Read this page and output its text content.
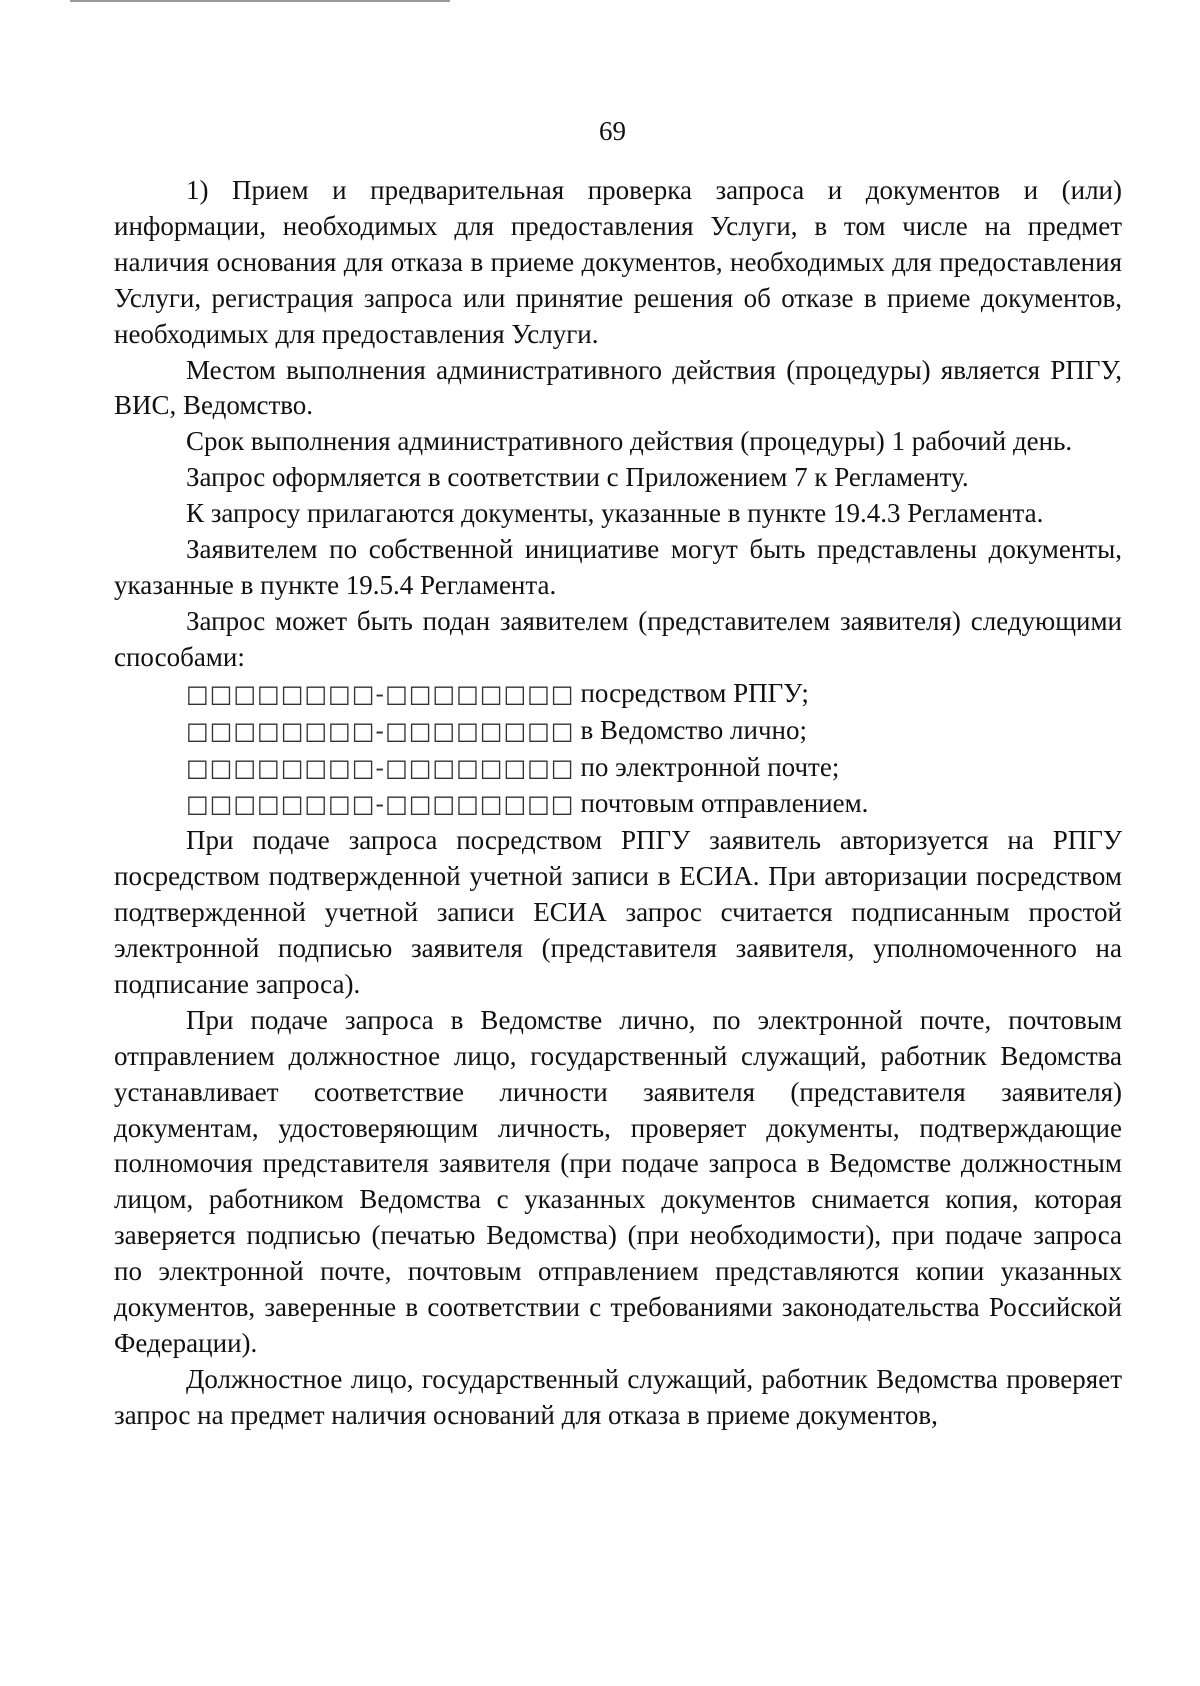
69

1) Прием и предварительная проверка запроса и документов и (или) информации, необходимых для предоставления Услуги, в том числе на предмет наличия основания для отказа в приеме документов, необходимых для предоставления Услуги, регистрация запроса или принятие решения об отказе в приеме документов, необходимых для предоставления Услуги.

Местом выполнения административного действия (процедуры) является РПГУ, ВИС, Ведомство.

Срок выполнения административного действия (процедуры) 1 рабочий день.

Запрос оформляется в соответствии с Приложением 7 к Регламенту.

К запросу прилагаются документы, указанные в пункте 19.4.3 Регламента.

Заявителем по собственной инициативе могут быть представлены документы, указанные в пункте 19.5.4 Регламента.

Запрос может быть подан заявителем (представителем заявителя) следующими способами:

□□□□□□□□-□□□□□□□□ посредством РПГУ;
□□□□□□□□-□□□□□□□□ в Ведомство лично;
□□□□□□□□-□□□□□□□□ по электронной почте;
□□□□□□□□-□□□□□□□□ почтовым отправлением.

При подаче запроса посредством РПГУ заявитель авторизуется на РПГУ посредством подтвержденной учетной записи в ЕСИА. При авторизации посредством подтвержденной учетной записи ЕСИА запрос считается подписанным простой электронной подписью заявителя (представителя заявителя, уполномоченного на подписание запроса).

При подаче запроса в Ведомстве лично, по электронной почте, почтовым отправлением должностное лицо, государственный служащий, работник Ведомства устанавливает соответствие личности заявителя (представителя заявителя) документам, удостоверяющим личность, проверяет документы, подтверждающие полномочия представителя заявителя (при подаче запроса в Ведомстве должностным лицом, работником Ведомства с указанных документов снимается копия, которая заверяется подписью (печатью Ведомства) (при необходимости), при подаче запроса по электронной почте, почтовым отправлением представляются копии указанных документов, заверенные в соответствии с требованиями законодательства Российской Федерации).

Должностное лицо, государственный служащий, работник Ведомства проверяет запрос на предмет наличия оснований для отказа в приеме документов,
